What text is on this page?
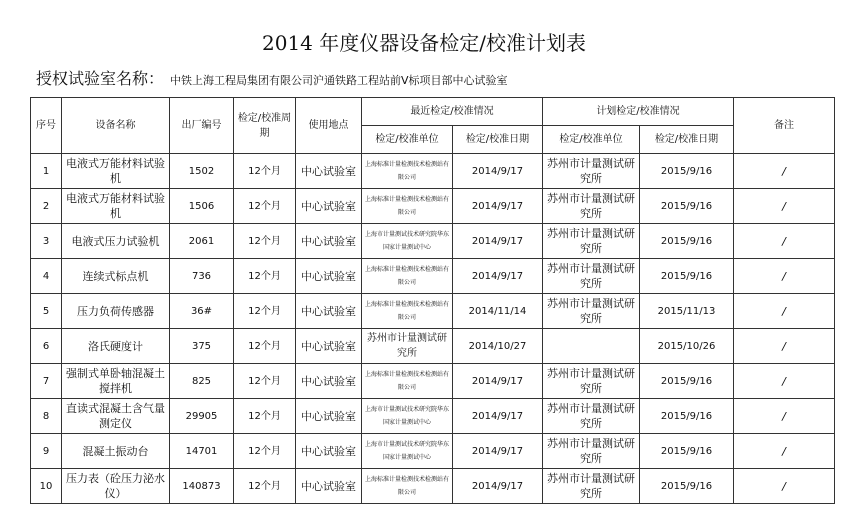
2014 年度仪器设备检定/校准计划表
授权试验室名称： 中铁上海工程局集团有限公司沪通铁路工程站前Ⅴ标项目部中心试验室
序号	设备名称	出厂编号	检定/校准周期	使用地点	最近检定/校准情况		计划检定/校准情况		备注
					检定/校准单位	检定/校准日期	检定/校准单位	检定/校准日期	
1	电液式万能材料试验机	1502	12个月	中心试验室	上海标准计量检测技术检测站有限公司	2014/9/17	苏州市计量测试研究所	2015/9/16	/
2	电液式万能材料试验机	1506	12个月	中心试验室	上海标准计量检测技术检测站有限公司	2014/9/17	苏州市计量测试研究所	2015/9/16	/
3	电液式压力试验机	2061	12个月	中心试验室	上海市计量测试技术研究院华东国家计量测试中心	2014/9/17	苏州市计量测试研究所	2015/9/16	/
4	连续式标点机	736	12个月	中心试验室	上海标准计量检测技术检测站有限公司	2014/9/17	苏州市计量测试研究所	2015/9/16	/
5	压力负荷传感器	36#	12个月	中心试验室	上海标准计量检测技术检测站有限公司	2014/11/14	苏州市计量测试研究所	2015/11/13	/
6	洛氏硬度计	375	12个月	中心试验室	苏州市计量测试研究所	2014/10/27		2015/10/26	/
7	强制式单卧轴混凝土搅拌机	825	12个月	中心试验室	上海标准计量检测技术检测站有限公司	2014/9/17	苏州市计量测试研究所	2015/9/16	/
8	直读式混凝土含气量测定仪	29905	12个月	中心试验室	上海市计量测试技术研究院华东国家计量测试中心	2014/9/17	苏州市计量测试研究所	2015/9/16	/
9	混凝土振动台	14701	12个月	中心试验室	上海市计量测试技术研究院华东国家计量测试中心	2014/9/17	苏州市计量测试研究所	2015/9/16	/
10	压力表（砼压力泌水仪）	140873	12个月	中心试验室	上海标准计量检测技术检测站有限公司	2014/9/17	苏州市计量测试研究所	2015/9/16	/
